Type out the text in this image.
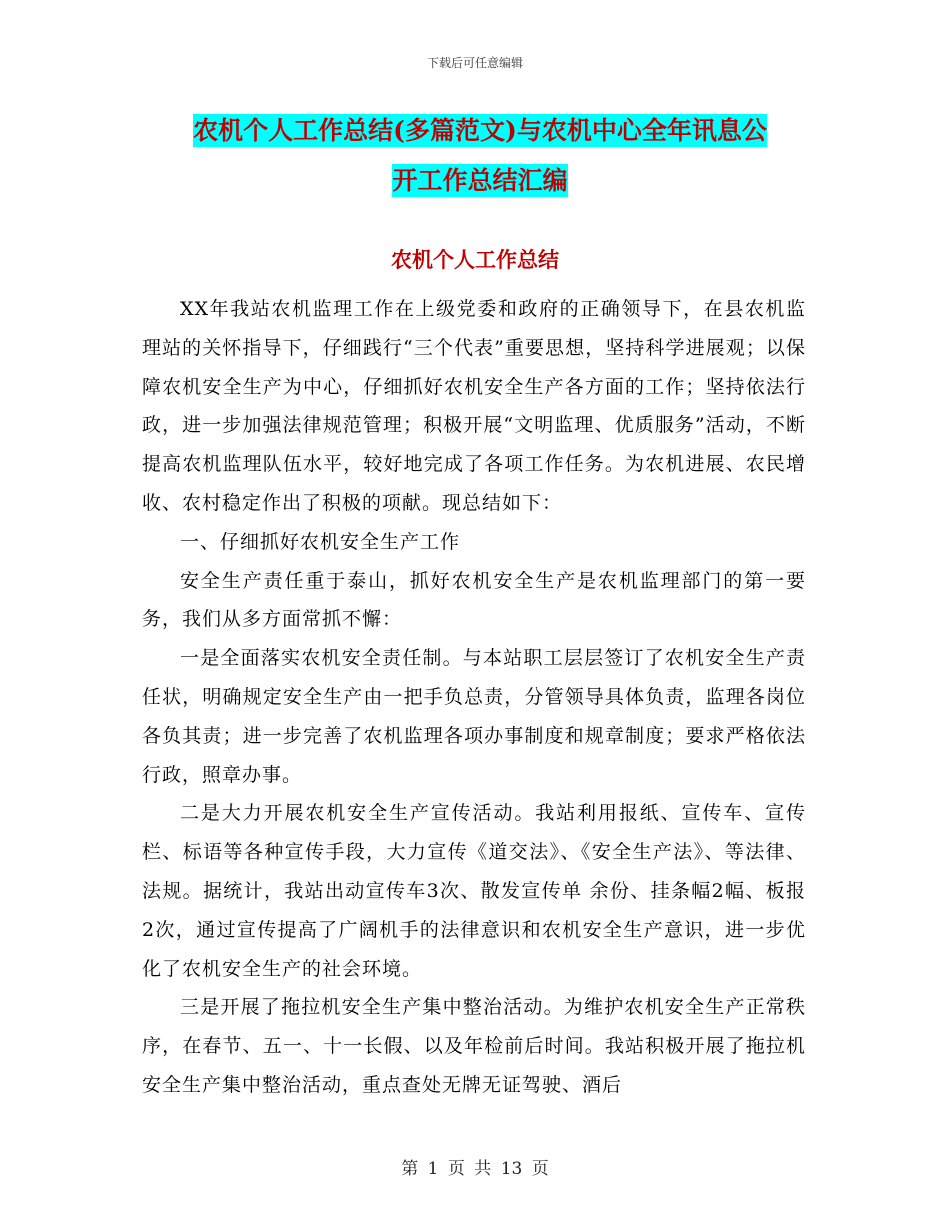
下载后可任意编辑
农机个人工作总结(多篇范文)与农机中心全年讯息公
开工作总结汇编
农机个人工作总结

XX年我站农机监理工作在上级党委和政府的正确领导下，在县农机监理站的关怀指导下，仔细践行“三个代表”重要思想，坚持科学进展观；以保障农机安全生产为中心，仔细抓好农机安全生产各方面的工作；坚持依法行政，进一步加强法律规范管理；积极开展“文明监理、优质服务”活动，不断提高农机监理队伍水平，较好地完成了各项工作任务。为农机进展、农民增收、农村稳定作出了积极的项献。现总结如下：

一、仔细抓好农机安全生产工作

安全生产责任重于泰山，抓好农机安全生产是农机监理部门的第一要务，我们从多方面常抓不懈：

一是全面落实农机安全责任制。与本站职工层层签订了农机安全生产责任状，明确规定安全生产由一把手负总责，分管领导具体负责，监理各岗位各负其责；进一步完善了农机监理各项办事制度和规章制度；要求严格依法行政，照章办事。

二是大力开展农机安全生产宣传活动。我站利用报纸、宣传车、宣传栏、标语等各种宣传手段，大力宣传《道交法》、《安全生产法》、等法律、法规。据统计，我站出动宣传车3次、散发宣传单 余份、挂条幅2幅、板报2次，通过宣传提高了广阔机手的法律意识和农机安全生产意识，进一步优化了农机安全生产的社会环境。

三是开展了拖拉机安全生产集中整治活动。为维护农机安全生产正常秩序，在春节、五一、十一长假、以及年检前后时间。我站积极开展了拖拉机安全生产集中整治活动，重点查处无牌无证驾驶、酒后

第 1 页 共 13 页
